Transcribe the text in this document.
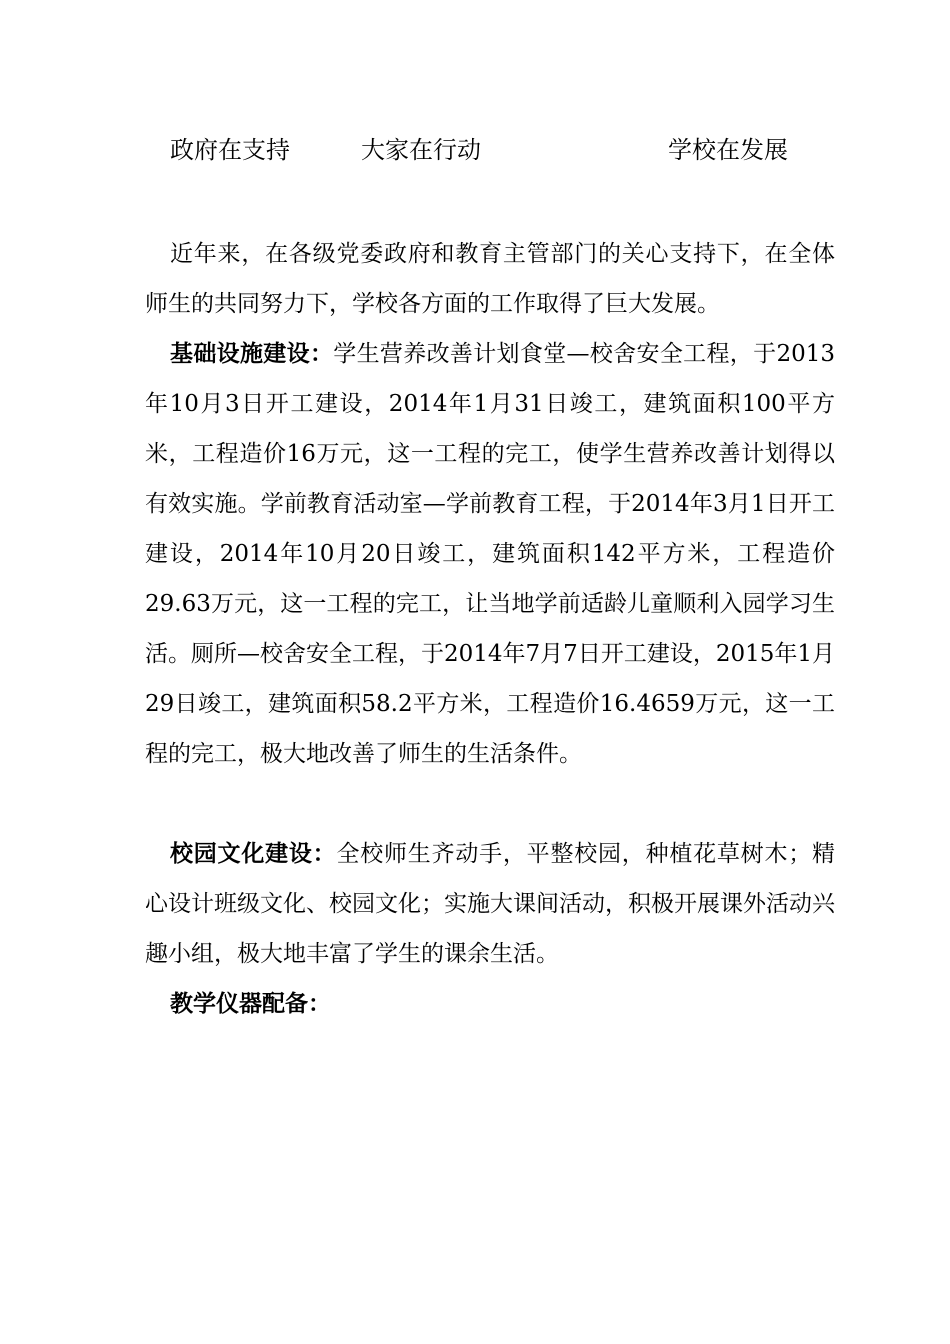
政府在支持	大家在行动	学校在发展

近年来，在各级党委政府和教育主管部门的关心支持下，在全体师生的共同努力下，学校各方面的工作取得了巨大发展。

基础设施建设：学生营养改善计划食堂—校舍安全工程，于2013年10月3日开工建设，2014年1月31日竣工，建筑面积100平方米，工程造价16万元，这一工程的完工，使学生营养改善计划得以有效实施。学前教育活动室—学前教育工程，于2014年3月1日开工建设，2014年10月20日竣工，建筑面积142平方米，工程造价29.63万元，这一工程的完工，让当地学前适龄儿童顺利入园学习生活。厕所—校舍安全工程，于2014年7月7日开工建设，2015年1月29日竣工，建筑面积58.2平方米，工程造价16.4659万元，这一工程的完工，极大地改善了师生的生活条件。

校园文化建设：全校师生齐动手，平整校园，种植花草树木；精心设计班级文化、校园文化；实施大课间活动，积极开展课外活动兴趣小组，极大地丰富了学生的课余生活。

教学仪器配备：
